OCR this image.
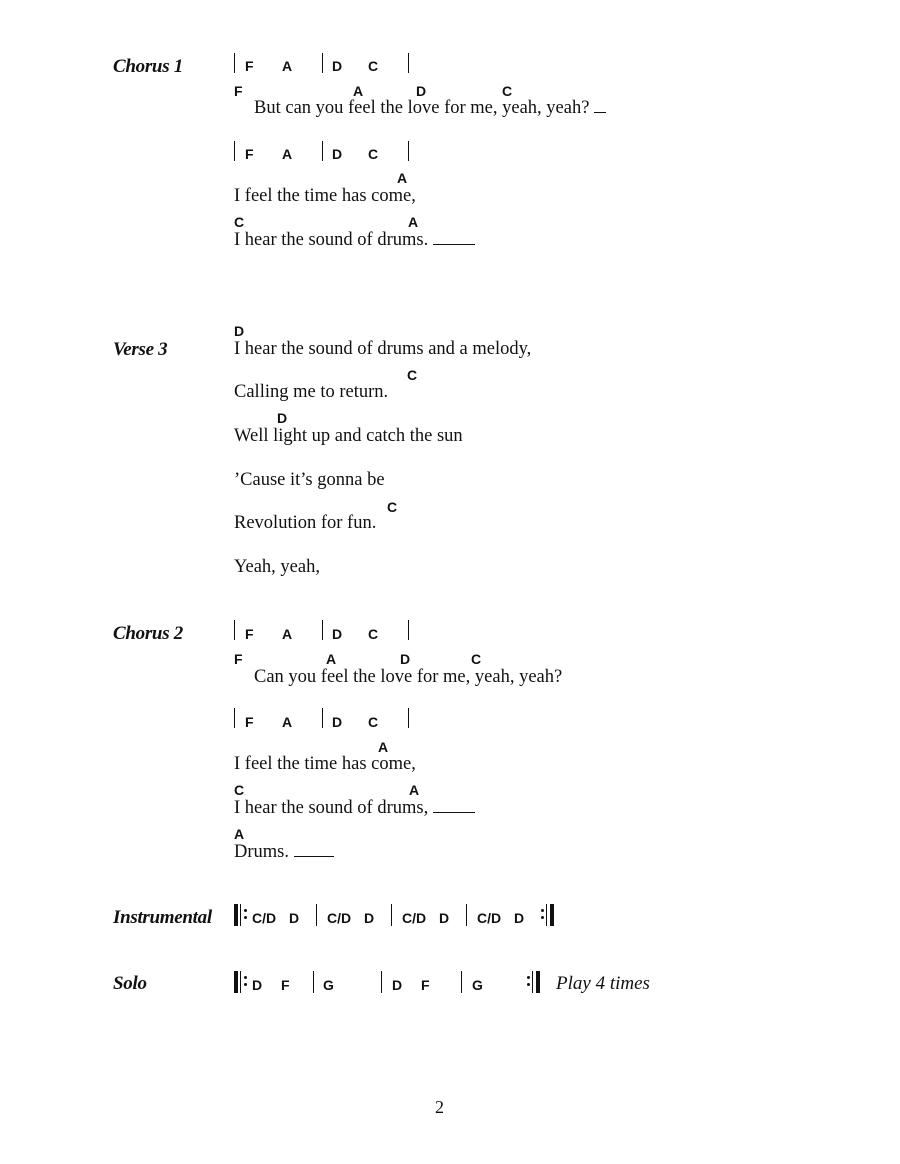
Chorus 1	F A	D C
F	A	D	C
But can you feel the love for me, yeah, yeah?
F A	D C
A
I feel the time has come,
C	A
I hear the sound of drums.
D
Verse 3	I hear the sound of drums and a melody,
C
Calling me to return.
D
Well light up and catch the sun
’Cause it’s gonna be
C
Revolution for fun.
Yeah, yeah,
Chorus 2	F A	D C
F	A	D	C
Can you feel the love for me, yeah, yeah?
F A	D C
A
I feel the time has come,
C	A
I hear the sound of drums,
A
Drums.
Instrumental	C/D D C/D D C/D D C/D D
Solo	D F G	D F	G	Play 4 times
2
